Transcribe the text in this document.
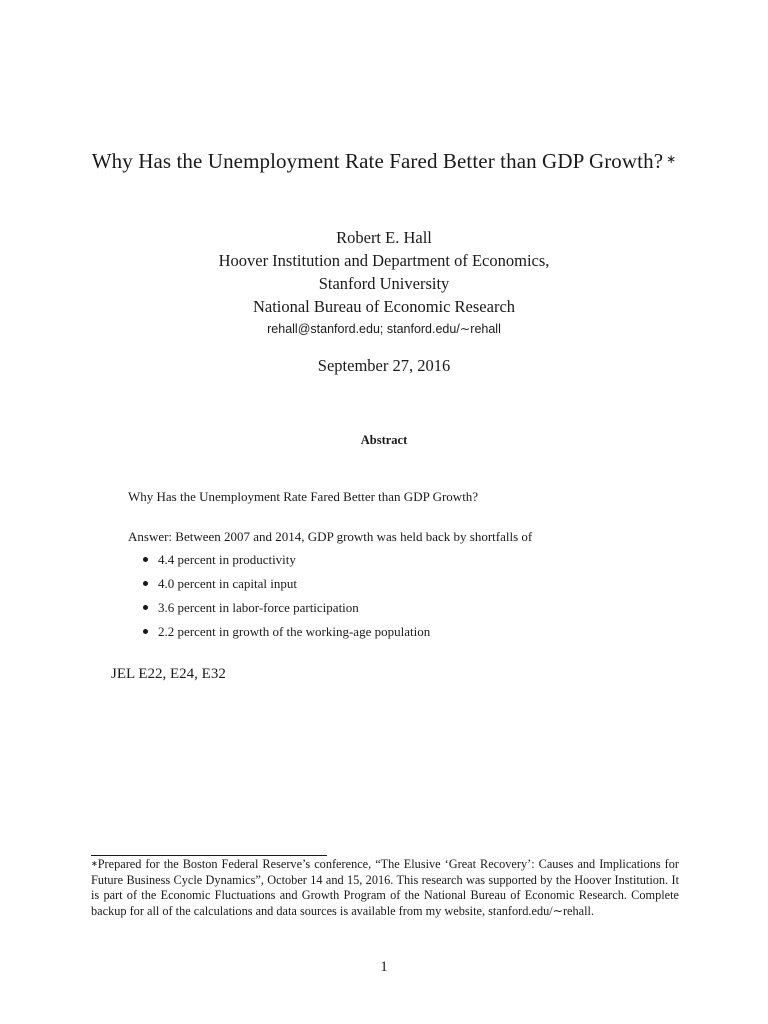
Why Has the Unemployment Rate Fared Better than GDP Growth? ∗
Robert E. Hall
Hoover Institution and Department of Economics,
Stanford University
National Bureau of Economic Research
rehall@stanford.edu; stanford.edu/∼rehall
September 27, 2016
Abstract
Why Has the Unemployment Rate Fared Better than GDP Growth?
Answer: Between 2007 and 2014, GDP growth was held back by shortfalls of
4.4 percent in productivity
4.0 percent in capital input
3.6 percent in labor-force participation
2.2 percent in growth of the working-age population
JEL E22, E24, E32
∗Prepared for the Boston Federal Reserve’s conference, “The Elusive ‘Great Recovery’: Causes and Implications for Future Business Cycle Dynamics”, October 14 and 15, 2016. This research was supported by the Hoover Institution. It is part of the Economic Fluctuations and Growth Program of the National Bureau of Economic Research. Complete backup for all of the calculations and data sources is available from my website, stanford.edu/∼rehall.
1
